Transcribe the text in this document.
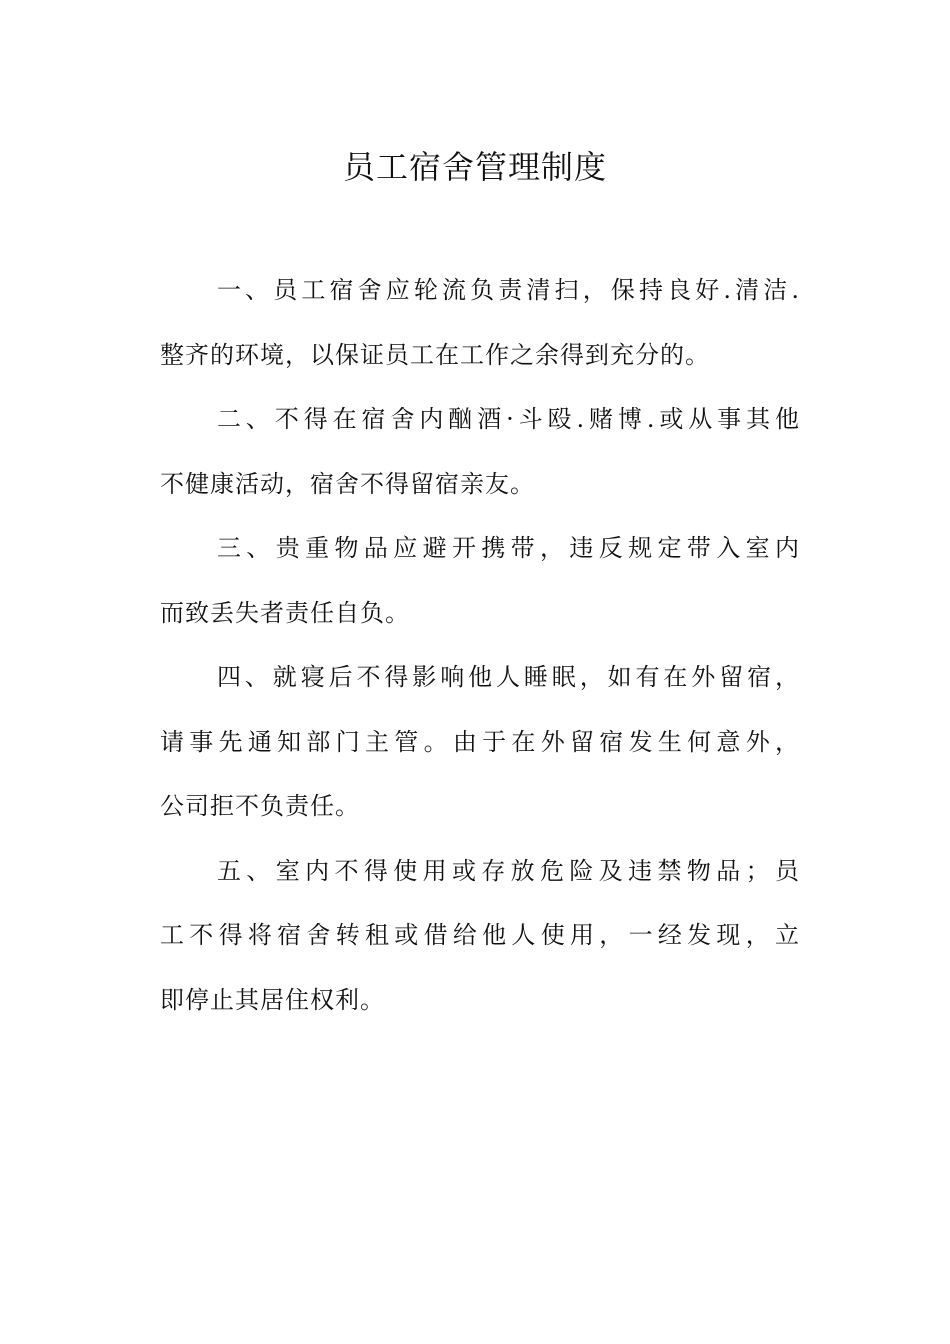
员工宿舍管理制度
一、员工宿舍应轮流负责清扫，保持良好.清洁.
整齐的环境，以保证员工在工作之余得到充分的。
二、不得在宿舍内酗酒·斗殴.赌博.或从事其他
不健康活动，宿舍不得留宿亲友。
三、贵重物品应避开携带，违反规定带入室内
而致丢失者责任自负。
四、就寝后不得影响他人睡眠，如有在外留宿，
请事先通知部门主管。由于在外留宿发生何意外，
公司拒不负责任。
五、室内不得使用或存放危险及违禁物品；员
工不得将宿舍转租或借给他人使用，一经发现，立
即停止其居住权利。
